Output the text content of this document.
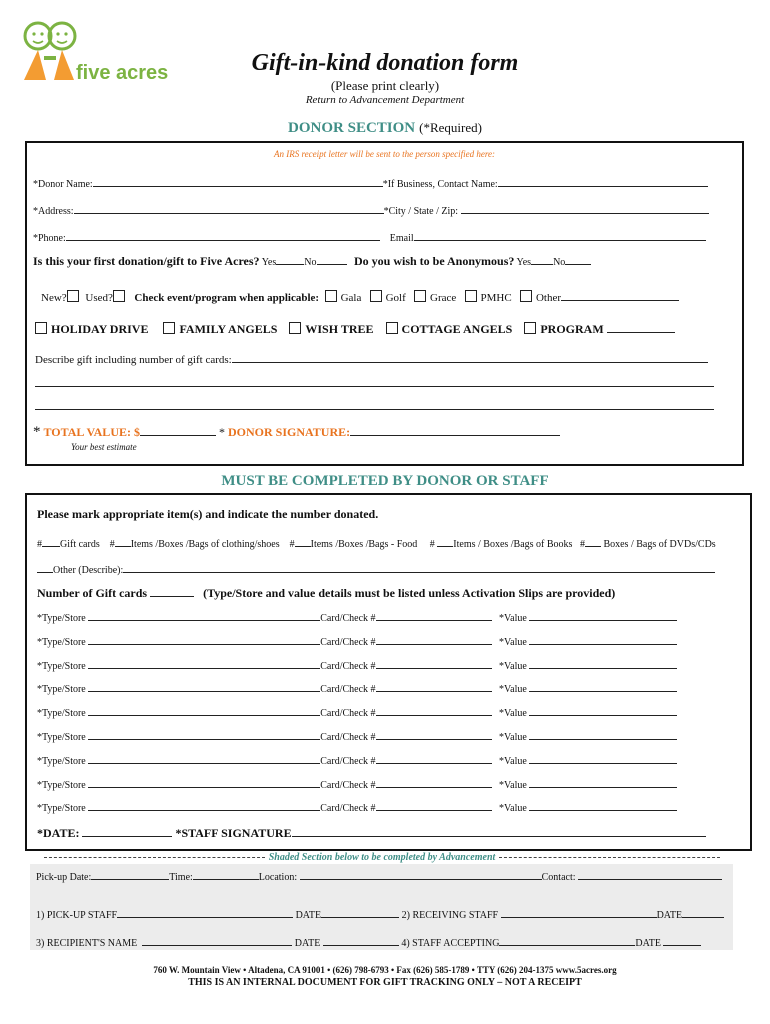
five acres	Gift-in-kind donation form
(Please print clearly)
Return to Advancement Department
DONOR SECTION (*Required)
An IRS receipt letter will be sent to the person specified here:
*Donor Name:	*If Business, Contact Name:
*Address:	*City / State / Zip:
*Phone:	Email
Is this your first donation/gift to Five Acres? Yes	No	Do you wish to be Anonymous? Yes No
New? Used? Check event/program when applicable: Gala Golf Grace PMHC Other
HOLIDAY DRIVE	FAMILY ANGELS WISH TREE COTTAGE ANGELS PROGRAM
Describe gift including number of gift cards:
* TOTAL VALUE: $	* DONOR SIGNATURE:
Your best estimate
MUST BE COMPLETED BY DONOR OR STAFF
Please mark appropriate item(s) and indicate the number donated.
# Gift cards    # Items /Boxes /Bags of clothing/shoes    # Items /Boxes /Bags - Food     # Items / Boxes /Bags of Books   # Boxes / Bags of DVDs/CDs
Other (Describe):
Number of Gift cards	(Type/Store and value details must be listed unless Activation Slips are provided)
*Type/Store	Card/Check #	*Value
*Type/Store	Card/Check #	*Value
*Type/Store	Card/Check #	*Value
*Type/Store	Card/Check #	*Value
*Type/Store	Card/Check #	*Value
*Type/Store	Card/Check #	*Value
*Type/Store	Card/Check #	*Value
*Type/Store	Card/Check #	*Value
*Type/Store	Card/Check #	*Value
*DATE:	*STAFF SIGNATURE
Shaded Section below to be completed by Advancement
Pick-up Date:	Time:	Location:	Contact:
1) PICK-UP STAFF	DATE	2) RECEIVING STAFF	DATE
3) RECIPIENT'S NAME	DATE	4) STAFF ACCEPTING	DATE
760 W. Mountain View • Altadena, CA 91001 • (626) 798-6793 • Fax (626) 585-1789 • TTY (626) 204-1375 www.5acres.org
THIS IS AN INTERNAL DOCUMENT FOR GIFT TRACKING ONLY – NOT A RECEIPT
